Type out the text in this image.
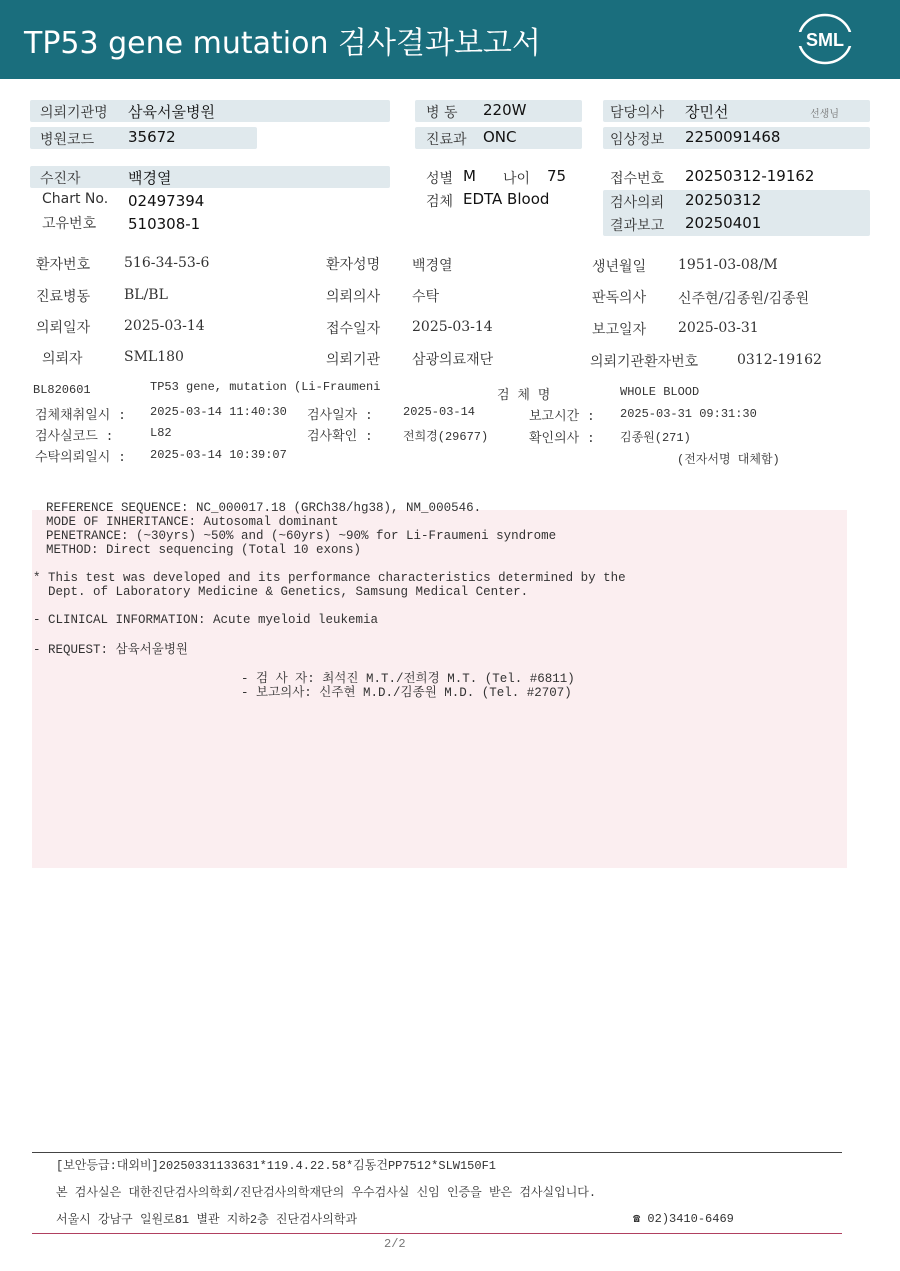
TP53 gene mutation 검사결과보고서	SML
의뢰기관명 삼육서울병원	병 동 220W	담당의사 장민선	선생님
병원코드 35672	진료과 ONC	임상정보 2250091468
수진자	백경열	성별 M 나이 75	접수번호 20250312-19162
Chart No. 02497394	검체 EDTA Blood	검사의뢰 20250312
고유번호 510308-1	결과보고 20250401
환자번호 516-34-53-6	환자성명 백경열	생년월일 1951-03-08/M
진료병동 BL/BL	의뢰의사 수탁	판독의사 신주현/김종원/김종원
의뢰일자 2025-03-14	접수일자 2025-03-14	보고일자 2025-03-31
의뢰자	SML180	의뢰기관 삼광의료재단	의뢰기관환자번호	0312-19162
BL820601	TP53 gene, mutation (Li-Fraumeni
검 체 명	WHOLE BLOOD
검체채취일시 : 2025-03-14 11:40:30 검사일자 :	2025-03-14	보고시간 : 2025-03-31 09:31:30
검사실코드 :	L82	검사확인 :	전희경(29677)	확인의사 : 김종원(271)
수탁의뢰일시 : 2025-03-14 10:39:07	(전자서명 대체함)
REFERENCE SEQUENCE: NC_000017.18 (GRCh38/hg38), NM_000546.
MODE OF INHERITANCE: Autosomal dominant
PENETRANCE: (~30yrs) ~50% and (~60yrs) ~90% for Li-Fraumeni syndrome
METHOD: Direct sequencing (Total 10 exons)
* This test was developed and its performance characteristics determined by the
Dept. of Laboratory Medicine & Genetics, Samsung Medical Center.
- CLINICAL INFORMATION: Acute myeloid leukemia
- REQUEST: 삼육서울병원
- 검 사 자: 최석진 M.T./전희경 M.T. (Tel. #6811)
- 보고의사: 신주현 M.D./김종원 M.D. (Tel. #2707)
[보안등급:대외비]20250331133631*119.4.22.58*김동건PP7512*SLW150F1
본 검사실은 대한진단검사의학회/진단검사의학재단의 우수검사실 신임 인증을 받은 검사실입니다.
서울시 강남구 일원로81 별관 지하2층 진단검사의학과	☎ 02)3410-6469
2/2
